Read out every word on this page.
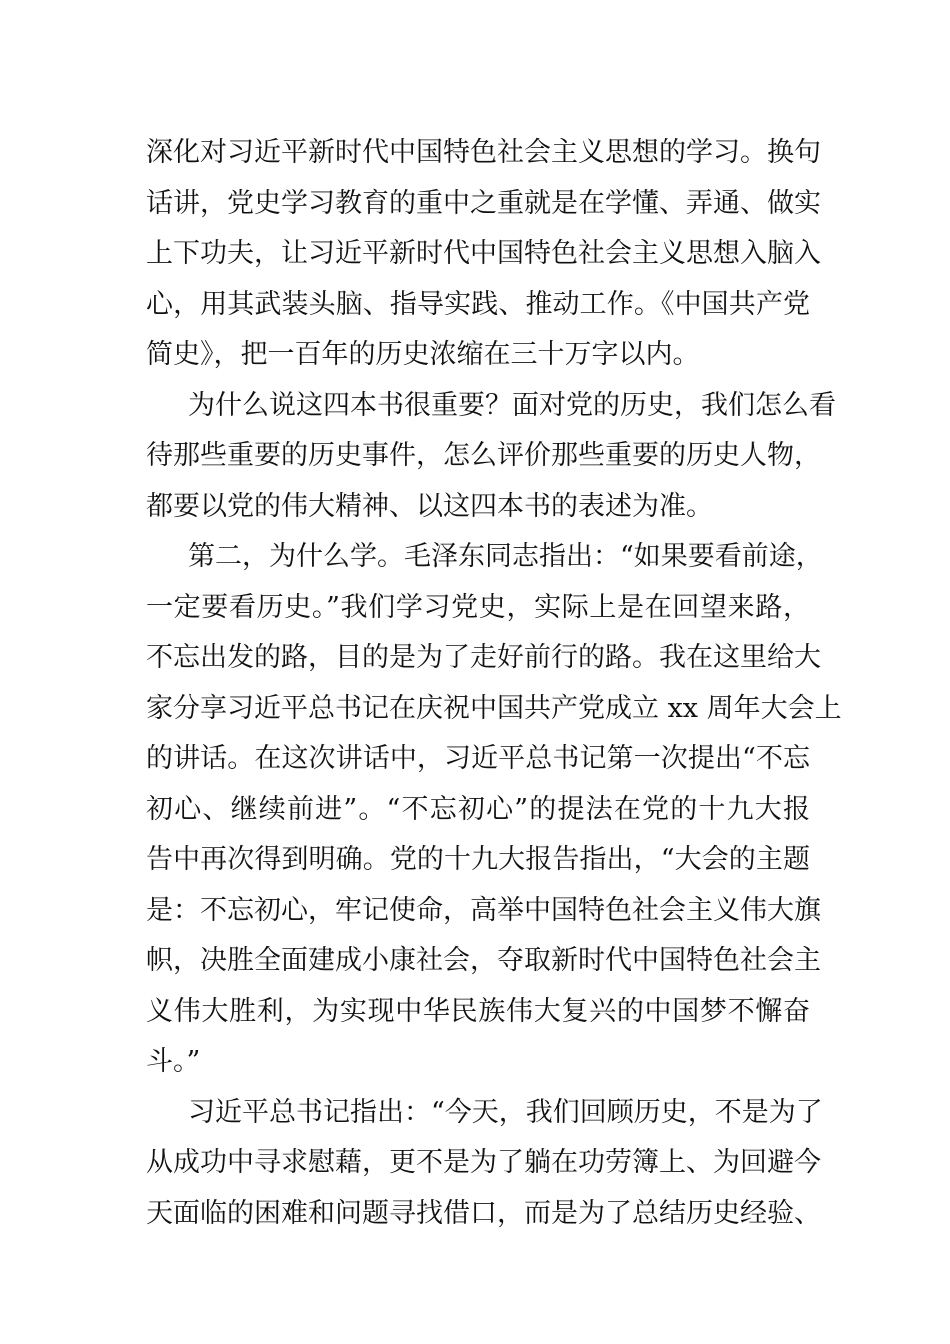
深化对习近平新时代中国特色社会主义思想的学习。换句
话讲，党史学习教育的重中之重就是在学懂、弄通、做实
上下功夫，让习近平新时代中国特色社会主义思想入脑入
心，用其武装头脑、指导实践、推动工作。《中国共产党
简史》，把一百年的历史浓缩在三十万字以内。
为什么说这四本书很重要？面对党的历史，我们怎么看
待那些重要的历史事件，怎么评价那些重要的历史人物，
都要以党的伟大精神、以这四本书的表述为准。
第二，为什么学。毛泽东同志指出：“如果要看前途，
一定要看历史。”我们学习党史，实际上是在回望来路，
不忘出发的路，目的是为了走好前行的路。我在这里给大
家分享习近平总书记在庆祝中国共产党成立 xx 周年大会上
的讲话。在这次讲话中，习近平总书记第一次提出“不忘
初心、继续前进”。“不忘初心”的提法在党的十九大报
告中再次得到明确。党的十九大报告指出，“大会的主题
是：不忘初心，牢记使命，高举中国特色社会主义伟大旗
帜，决胜全面建成小康社会，夺取新时代中国特色社会主
义伟大胜利，为实现中华民族伟大复兴的中国梦不懈奋
斗。”
习近平总书记指出：“今天，我们回顾历史，不是为了
从成功中寻求慰藉，更不是为了躺在功劳簿上、为回避今
天面临的困难和问题寻找借口，而是为了总结历史经验、
